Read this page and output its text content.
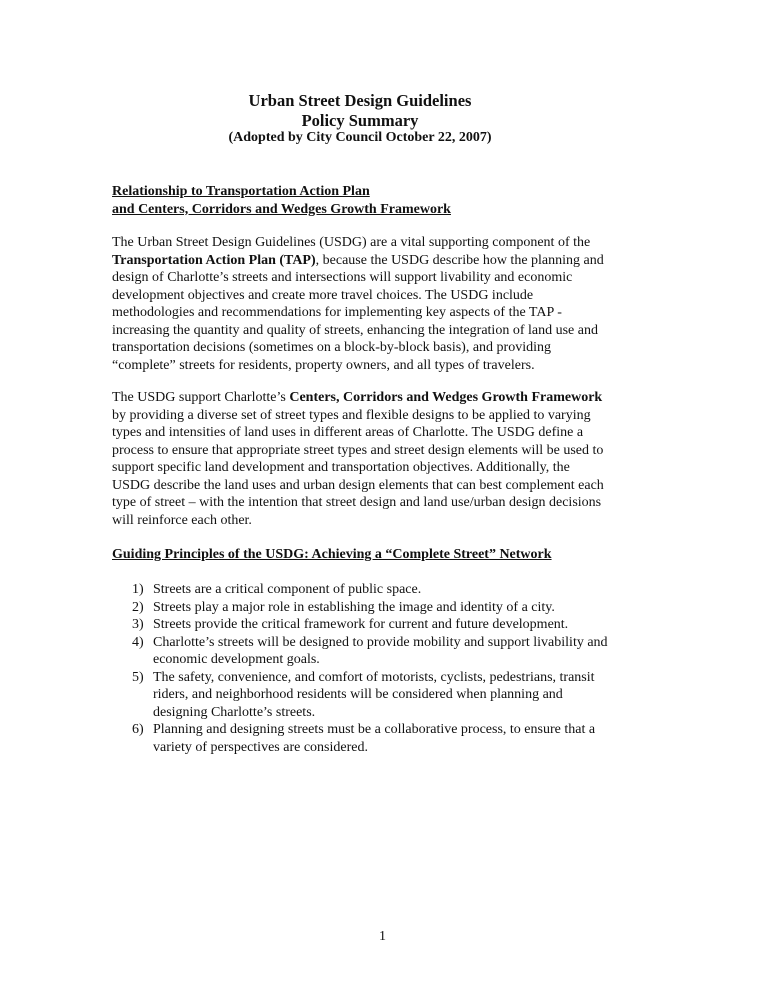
Urban Street Design Guidelines
Policy Summary
(Adopted by City Council October 22, 2007)
Relationship to Transportation Action Plan
and Centers, Corridors and Wedges Growth Framework
The Urban Street Design Guidelines (USDG) are a vital supporting component of the
Transportation Action Plan (TAP), because the USDG describe how the planning and
design of Charlotte’s streets and intersections will support livability and economic
development objectives and create more travel choices. The USDG include
methodologies and recommendations for implementing key aspects of the TAP -
increasing the quantity and quality of streets, enhancing the integration of land use and
transportation decisions (sometimes on a block-by-block basis), and providing
“complete” streets for residents, property owners, and all types of travelers.
The USDG support Charlotte’s Centers, Corridors and Wedges Growth Framework
by providing a diverse set of street types and flexible designs to be applied to varying
types and intensities of land uses in different areas of Charlotte. The USDG define a
process to ensure that appropriate street types and street design elements will be used to
support specific land development and transportation objectives. Additionally, the
USDG describe the land uses and urban design elements that can best complement each
type of street – with the intention that street design and land use/urban design decisions
will reinforce each other.
Guiding Principles of the USDG: Achieving a “Complete Street” Network
1) Streets are a critical component of public space.
2) Streets play a major role in establishing the image and identity of a city.
3) Streets provide the critical framework for current and future development.
4) Charlotte’s streets will be designed to provide mobility and support livability and
economic development goals.
5) The safety, convenience, and comfort of motorists, cyclists, pedestrians, transit
riders, and neighborhood residents will be considered when planning and
designing Charlotte’s streets.
6) Planning and designing streets must be a collaborative process, to ensure that a
variety of perspectives are considered.
1
